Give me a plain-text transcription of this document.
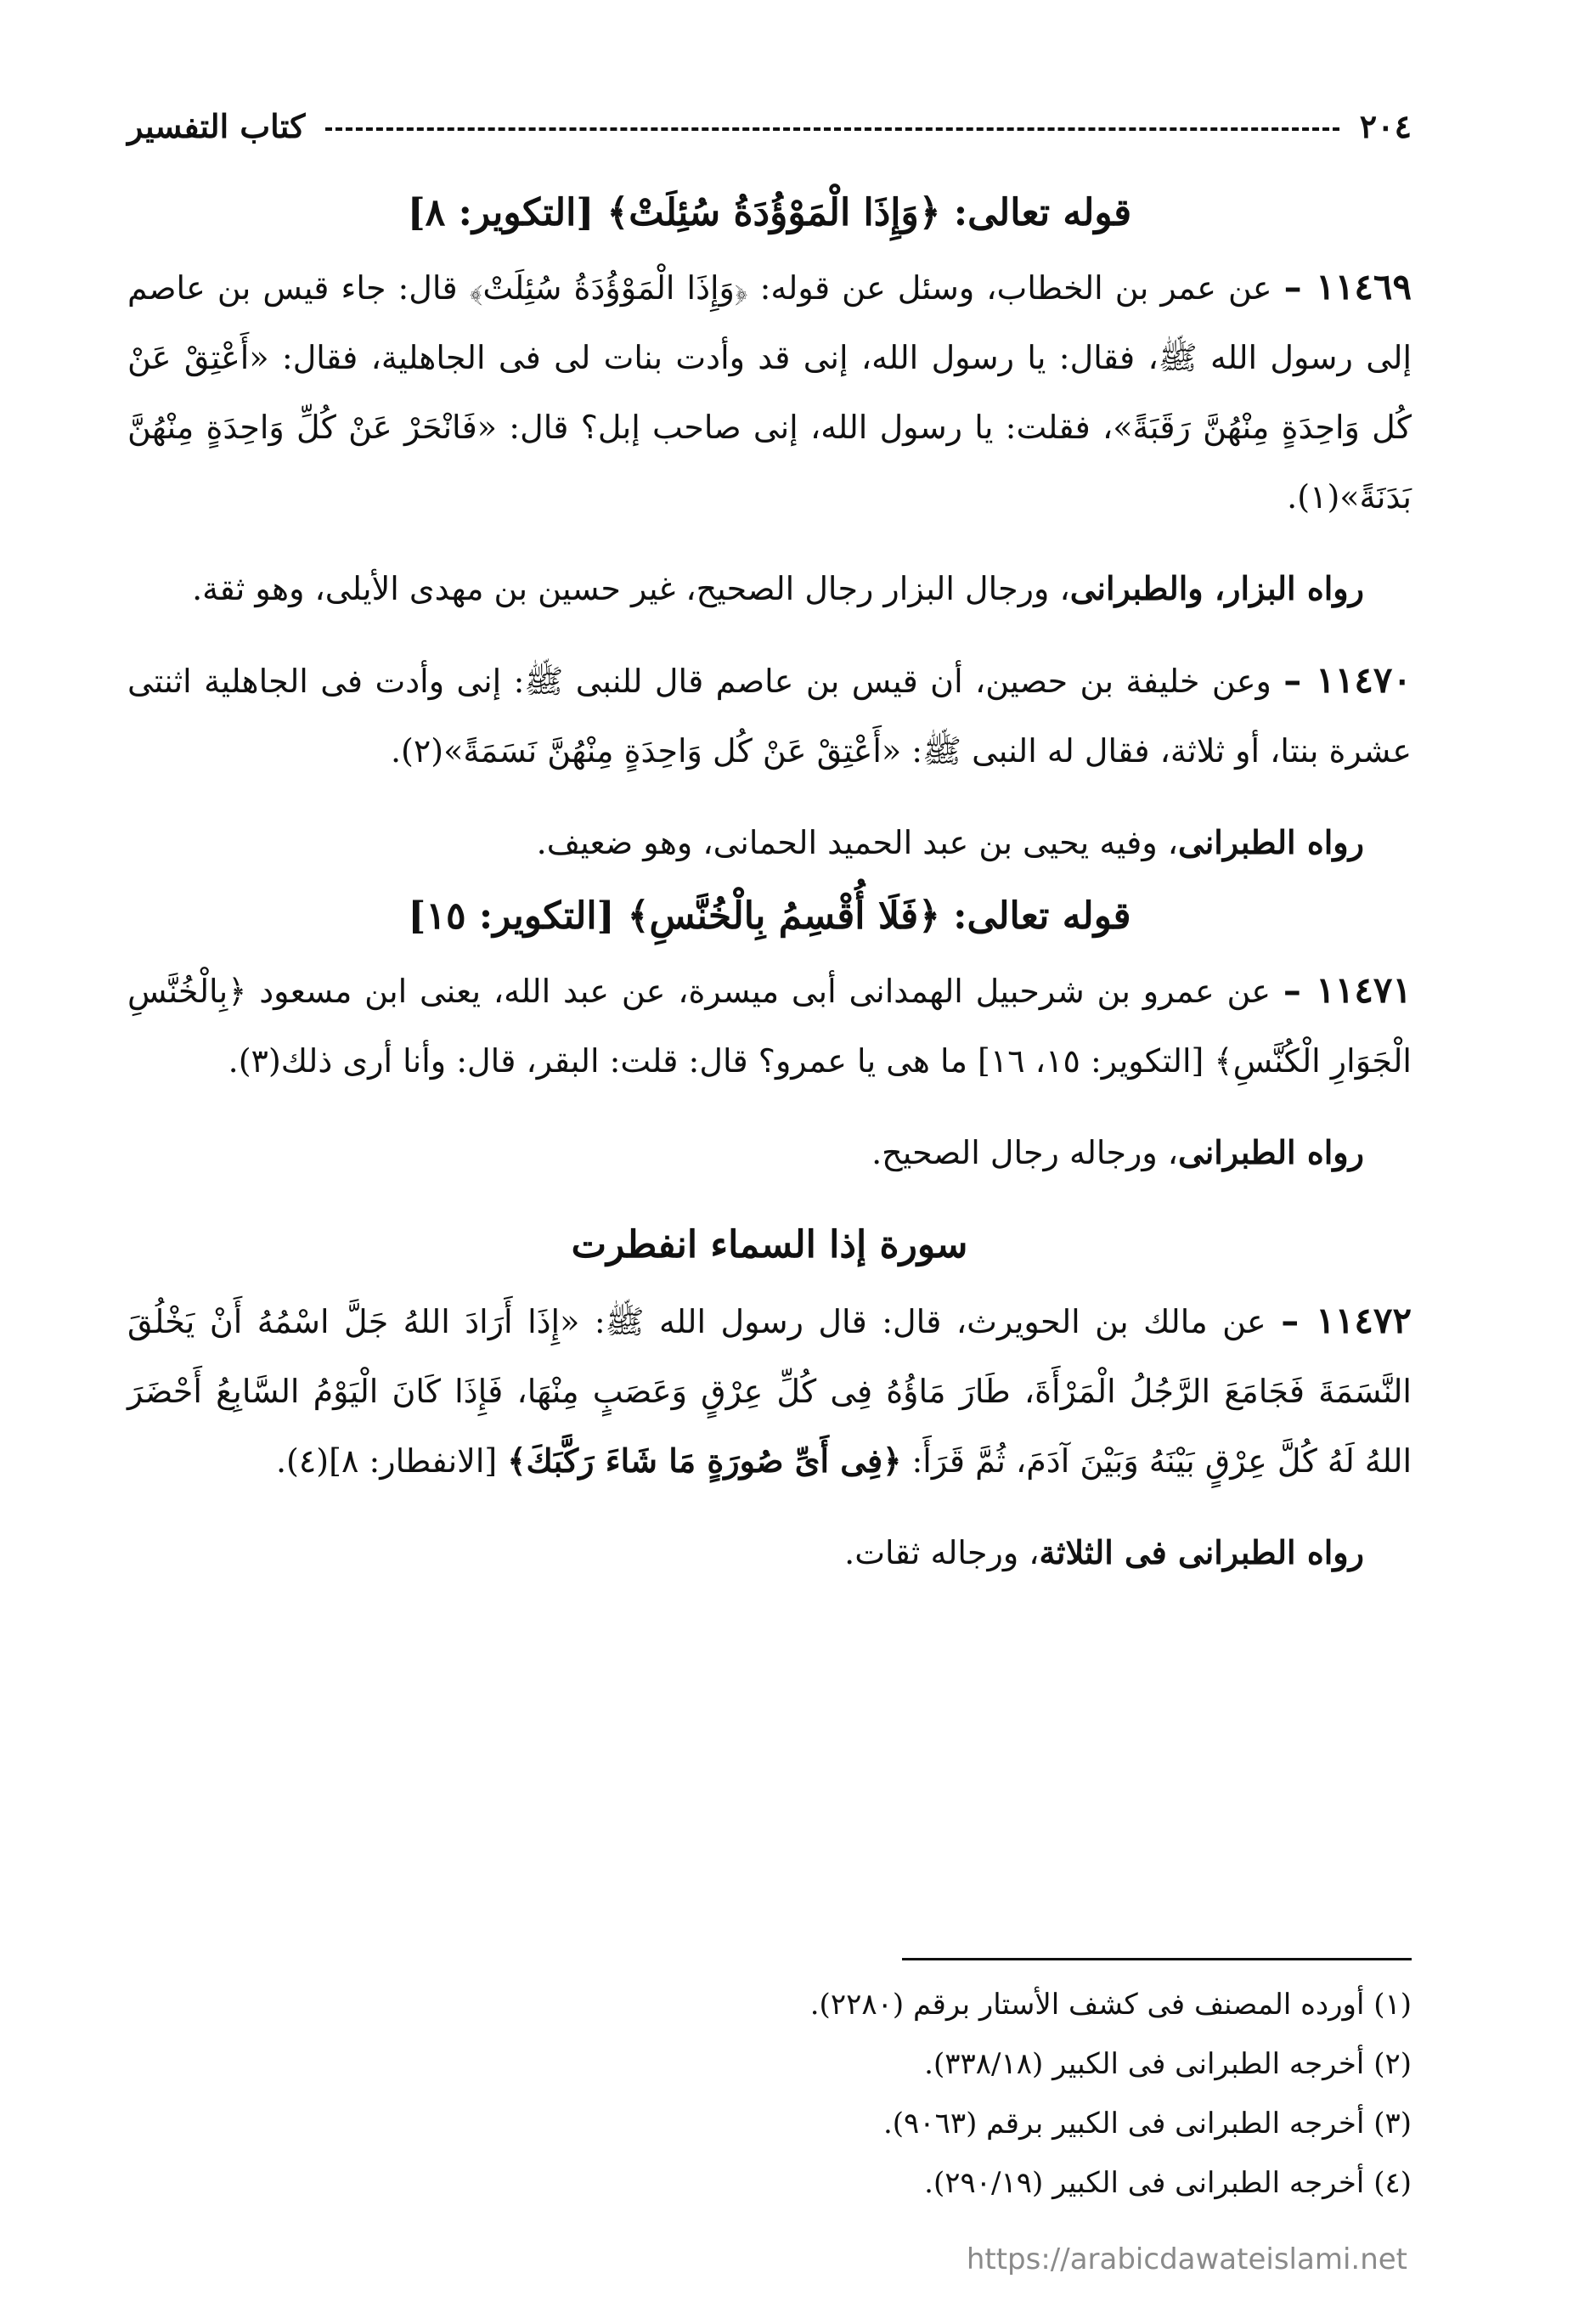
٢٠٤
كتاب التفسير

قوله تعالى: ﴿وَإِذَا الْمَوْؤُدَةُ سُئِلَتْ﴾ [التكوير: ٨]

١١٤٦٩ – عن عمر بن الخطاب، وسئل عن قوله: ﴿وَإِذَا الْمَوْؤُدَةُ سُئِلَتْ﴾ قال: جاء قيس بن عاصم إلى رسول الله ﷺ، فقال: يا رسول الله، إنى قد وأدت بنات لى فى الجاهلية، فقال: «أَعْتِقْ عَنْ كُل وَاحِدَةٍ مِنْهُنَّ رَقَبَةً»، فقلت: يا رسول الله، إنى صاحب إبل؟ قال: «فَانْحَرْ عَنْ كُلِّ وَاحِدَةٍ مِنْهُنَّ بَدَنَةً»(١).

رواه البزار، والطبرانى، ورجال البزار رجال الصحيح، غير حسين بن مهدى الأيلى، وهو ثقة.

١١٤٧٠ – وعن خليفة بن حصين، أن قيس بن عاصم قال للنبى ﷺ: إنى وأدت فى الجاهلية اثنتى عشرة بنتا، أو ثلاثة، فقال له النبى ﷺ: «أَعْتِقْ عَنْ كُل وَاحِدَةٍ مِنْهُنَّ نَسَمَةً»(٢).

رواه الطبرانى، وفيه يحيى بن عبد الحميد الحمانى، وهو ضعيف.

قوله تعالى: ﴿فَلَا أُقْسِمُ بِالْخُنَّسِ﴾ [التكوير: ١٥]

١١٤٧١ – عن عمرو بن شرحبيل الهمدانى أبى ميسرة، عن عبد الله، يعنى ابن مسعود ﴿بِالْخُنَّسِ الْجَوَارِ الْكُنَّسِ﴾ [التكوير: ١٥، ١٦] ما هى يا عمرو؟ قال: قلت: البقر، قال: وأنا أرى ذلك(٣).

رواه الطبرانى، ورجاله رجال الصحيح.

سورة إذا السماء انفطرت

١١٤٧٢ – عن مالك بن الحويرث، قال: قال رسول الله ﷺ: «إِذَا أَرَادَ اللهُ جَلَّ اسْمُهُ أَنْ يَخْلُقَ النَّسَمَةَ فَجَامَعَ الرَّجُلُ الْمَرْأَةَ، طَارَ مَاؤُهُ فِى كُلِّ عِرْقٍ وَعَصَبٍ مِنْهَا، فَإِذَا كَانَ الْيَوْمُ السَّابِعُ أَحْضَرَ اللهُ لَهُ كُلَّ عِرْقٍ بَيْنَهُ وَبَيْنَ آدَمَ، ثُمَّ قَرَأَ: ﴿فِى أَىِّ صُورَةٍ مَا شَاءَ رَكَّبَكَ﴾ [الانفطار: ٨](٤).

رواه الطبرانى فى الثلاثة، ورجاله ثقات.

(١) أورده المصنف فى كشف الأستار برقم (٢٢٨٠).

(٢) أخرجه الطبرانى فى الكبير (٣٣٨/١٨).

(٣) أخرجه الطبرانى فى الكبير برقم (٩٠٦٣).

(٤) أخرجه الطبرانى فى الكبير (٢٩٠/١٩).

https://arabicdawateislami.net
